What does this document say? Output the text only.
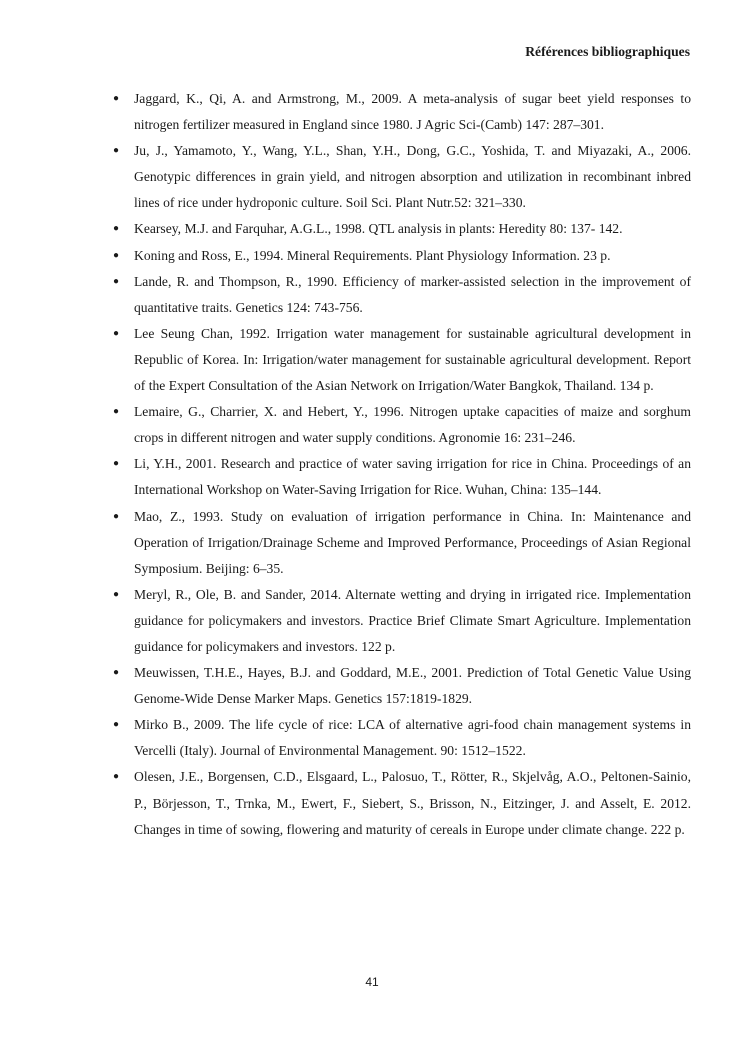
Références bibliographiques
● Jaggard, K., Qi, A. and Armstrong, M., 2009. A meta-analysis of sugar beet yield responses to nitrogen fertilizer measured in England since 1980. J Agric Sci-(Camb) 147: 287–301.
● Ju, J., Yamamoto, Y., Wang, Y.L., Shan, Y.H., Dong, G.C., Yoshida, T. and Miyazaki, A., 2006. Genotypic differences in grain yield, and nitrogen absorption and utilization in recombinant inbred lines of rice under hydroponic culture. Soil Sci. Plant Nutr.52: 321–330.
● Kearsey, M.J. and Farquhar, A.G.L., 1998. QTL analysis in plants: Heredity 80: 137- 142.
● Koning and Ross, E., 1994. Mineral Requirements. Plant Physiology Information. 23 p.
● Lande, R. and Thompson, R., 1990. Efficiency of marker-assisted selection in the improvement of quantitative traits. Genetics 124: 743-756.
● Lee Seung Chan, 1992. Irrigation water management for sustainable agricultural development in Republic of Korea. In: Irrigation/water management for sustainable agricultural development. Report of the Expert Consultation of the Asian Network on Irrigation/Water Bangkok, Thailand. 134 p.
● Lemaire, G., Charrier, X. and Hebert, Y., 1996. Nitrogen uptake capacities of maize and sorghum crops in different nitrogen and water supply conditions. Agronomie 16: 231–246.
● Li, Y.H., 2001. Research and practice of water saving irrigation for rice in China. Proceedings of an International Workshop on Water-Saving Irrigation for Rice. Wuhan, China: 135–144.
● Mao, Z., 1993. Study on evaluation of irrigation performance in China. In: Maintenance and Operation of Irrigation/Drainage Scheme and Improved Performance, Proceedings of Asian Regional Symposium. Beijing: 6–35.
● Meryl, R., Ole, B. and Sander, 2014. Alternate wetting and drying in irrigated rice. Implementation guidance for policymakers and investors. Practice Brief Climate Smart Agriculture. Implementation guidance for policymakers and investors. 122 p.
● Meuwissen, T.H.E., Hayes, B.J. and Goddard, M.E., 2001. Prediction of Total Genetic Value Using Genome-Wide Dense Marker Maps. Genetics 157:1819-1829.
● Mirko B., 2009. The life cycle of rice: LCA of alternative agri-food chain management systems in Vercelli (Italy). Journal of Environmental Management. 90: 1512–1522.
● Olesen, J.E., Borgensen, C.D., Elsgaard, L., Palosuo, T., Rötter, R., Skjelvåg, A.O., Peltonen-Sainio, P., Börjesson, T., Trnka, M., Ewert, F., Siebert, S., Brisson, N., Eitzinger, J. and Asselt, E. 2012. Changes in time of sowing, flowering and maturity of cereals in Europe under climate change. 222 p.
41
